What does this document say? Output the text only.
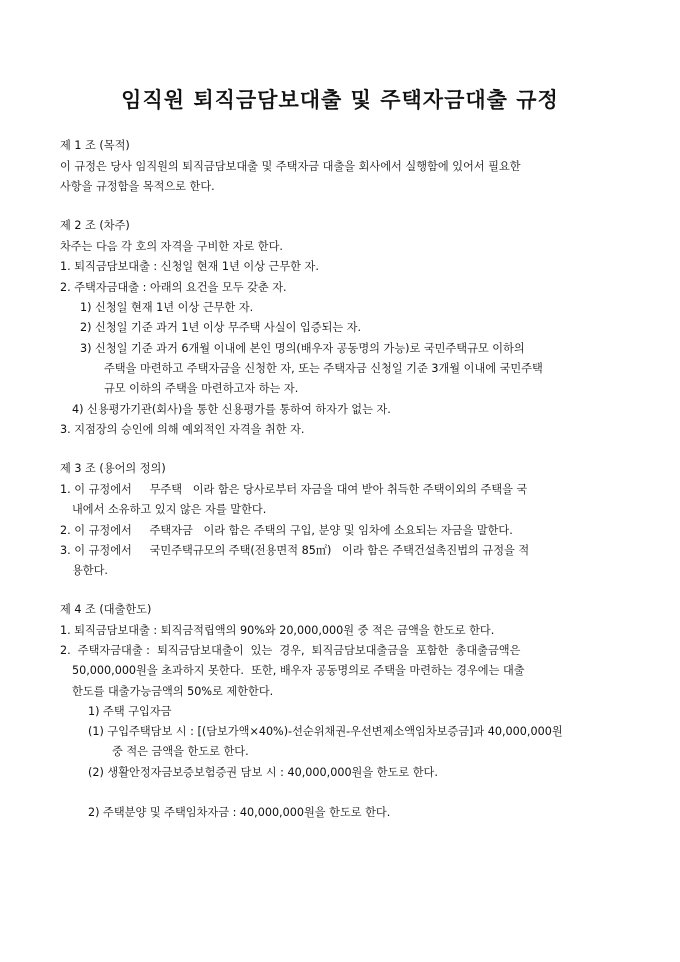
임직원 퇴직금담보대출 및 주택자금대출 규정
제 1 조 (목적)
이 규정은 당사 임직원의 퇴직금담보대출 및 주택자금 대출을 회사에서 실행함에 있어서 필요한
사항을 규정함을 목적으로 한다.
제 2 조 (차주)
차주는 다음 각 호의 자격을 구비한 자로 한다.
1. 퇴직금담보대출 : 신청일 현재 1년 이상 근무한 자.
2. 주택자금대출 : 아래의 요건을 모두 갖춘 자.
1) 신청일 현재 1년 이상 근무한 자.
2) 신청일 기준 과거 1년 이상 무주택 사실이 입증되는 자.
3) 신청일 기준 과거 6개월 이내에 본인 명의(배우자 공동명의 가능)로 국민주택규모 이하의
주택을 마련하고 주택자금을 신청한 자, 또는 주택자금 신청일 기준 3개월 이내에 국민주택
규모 이하의 주택을 마련하고자 하는 자.
4) 신용평가기관(회사)을 통한 신용평가를 통하여 하자가 없는 자.
3. 지점장의 승인에 의해 예외적인 자격을 취한 자.
제 3 조 (용어의 정의)
1. 이 규정에서     무주택   이라 함은 당사로부터 자금을 대여 받아 취득한 주택이외의 주택을 국
내에서 소유하고 있지 않은 자를 말한다.
2. 이 규정에서     주택자금   이라 함은 주택의 구입, 분양 및 임차에 소요되는 자금을 말한다.
3. 이 규정에서     국민주택규모의 주택(전용면적 85㎡)   이라 함은 주택건설촉진법의 규정을 적
용한다.
제 4 조 (대출한도)
1. 퇴직금담보대출 : 퇴직금적립액의 90%와 20,000,000원 중 적은 금액을 한도로 한다.
2.  주택자금대출 :  퇴직금담보대출이  있는  경우,  퇴직금담보대출금을  포함한  총대출금액은
50,000,000원을 초과하지 못한다.  또한, 배우자 공동명의로 주택을 마련하는 경우에는 대출
한도를 대출가능금액의 50%로 제한한다.
1) 주택 구입자금
(1) 구입주택담보 시 : [(담보가액×40%)-선순위채권-우선변제소액임차보증금]과 40,000,000원
중 적은 금액을 한도로 한다.
(2) 생활안정자금보증보험증권 담보 시 : 40,000,000원을 한도로 한다.
2) 주택분양 및 주택임차자금 : 40,000,000원을 한도로 한다.
